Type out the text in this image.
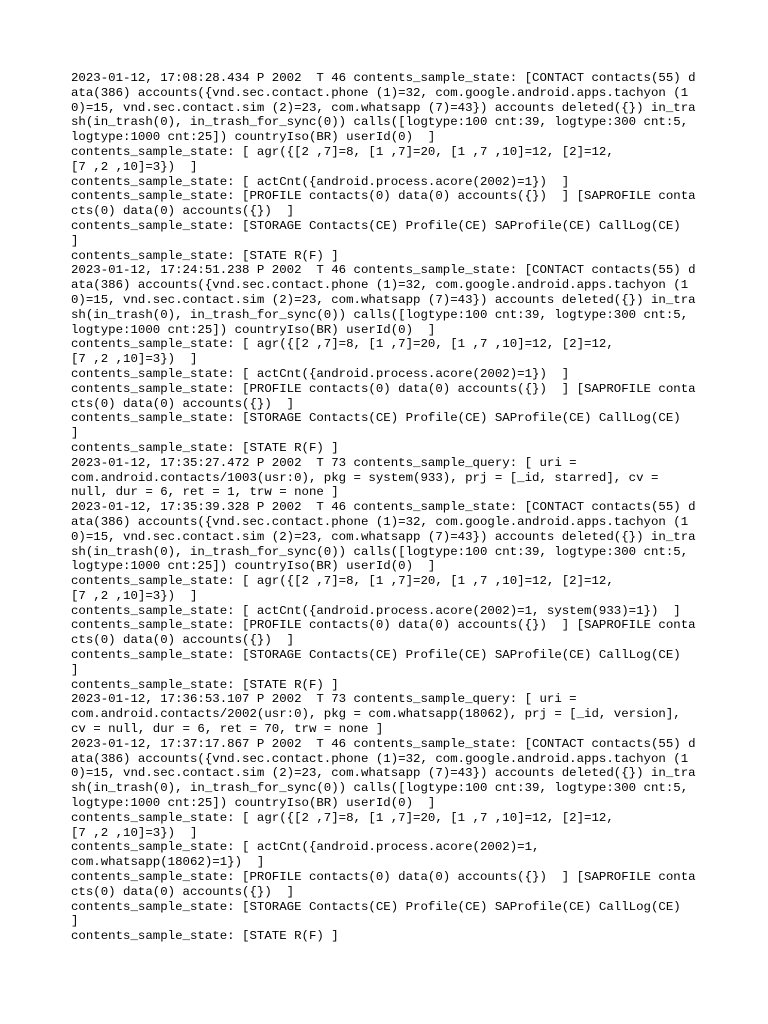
2023-01-12, 17:08:28.434 P 2002  T 46 contents_sample_state: [CONTACT contacts(55) data(386) accounts({vnd.sec.contact.phone (1)=32, com.google.android.apps.tachyon (10)=15, vnd.sec.contact.sim (2)=23, com.whatsapp (7)=43}) accounts deleted({}) in_trash(in_trash(0), in_trash_for_sync(0)) calls([logtype:100 cnt:39, logtype:300 cnt:5, logtype:1000 cnt:25]) countryIso(BR) userId(0)  ]

contents_sample_state: [ agr({[2 ,7]=8, [1 ,7]=20, [1 ,7 ,10]=12, [2]=12,
[7 ,2 ,10]=3})  ]

contents_sample_state: [ actCnt({android.process.acore(2002)=1})  ]

contents_sample_state: [PROFILE contacts(0) data(0) accounts({})  ] [SAPROFILE contacts(0) data(0) accounts({})  ]

contents_sample_state: [STORAGE Contacts(CE) Profile(CE) SAProfile(CE) CallLog(CE)
]

contents_sample_state: [STATE R(F) ]

2023-01-12, 17:24:51.238 P 2002  T 46 contents_sample_state: [CONTACT contacts(55) data(386) accounts({vnd.sec.contact.phone (1)=32, com.google.android.apps.tachyon (10)=15, vnd.sec.contact.sim (2)=23, com.whatsapp (7)=43}) accounts deleted({}) in_trash(in_trash(0), in_trash_for_sync(0)) calls([logtype:100 cnt:39, logtype:300 cnt:5, logtype:1000 cnt:25]) countryIso(BR) userId(0)  ]

contents_sample_state: [ agr({[2 ,7]=8, [1 ,7]=20, [1 ,7 ,10]=12, [2]=12,
[7 ,2 ,10]=3})  ]

contents_sample_state: [ actCnt({android.process.acore(2002)=1})  ]

contents_sample_state: [PROFILE contacts(0) data(0) accounts({})  ] [SAPROFILE contacts(0) data(0) accounts({})  ]

contents_sample_state: [STORAGE Contacts(CE) Profile(CE) SAProfile(CE) CallLog(CE)
]

contents_sample_state: [STATE R(F) ]

2023-01-12, 17:35:27.472 P 2002  T 73 contents_sample_query: [ uri =
com.android.contacts/1003(usr:0), pkg = system(933), prj = [_id, starred], cv =
null, dur = 6, ret = 1, trw = none ]

2023-01-12, 17:35:39.328 P 2002  T 46 contents_sample_state: [CONTACT contacts(55) data(386) accounts({vnd.sec.contact.phone (1)=32, com.google.android.apps.tachyon (10)=15, vnd.sec.contact.sim (2)=23, com.whatsapp (7)=43}) accounts deleted({}) in_trash(in_trash(0), in_trash_for_sync(0)) calls([logtype:100 cnt:39, logtype:300 cnt:5, logtype:1000 cnt:25]) countryIso(BR) userId(0)  ]

contents_sample_state: [ agr({[2 ,7]=8, [1 ,7]=20, [1 ,7 ,10]=12, [2]=12,
[7 ,2 ,10]=3})  ]

contents_sample_state: [ actCnt({android.process.acore(2002)=1, system(933)=1})  ]

contents_sample_state: [PROFILE contacts(0) data(0) accounts({})  ] [SAPROFILE contacts(0) data(0) accounts({})  ]

contents_sample_state: [STORAGE Contacts(CE) Profile(CE) SAProfile(CE) CallLog(CE)
]

contents_sample_state: [STATE R(F) ]

2023-01-12, 17:36:53.107 P 2002  T 73 contents_sample_query: [ uri =
com.android.contacts/2002(usr:0), pkg = com.whatsapp(18062), prj = [_id, version],
cv = null, dur = 6, ret = 70, trw = none ]

2023-01-12, 17:37:17.867 P 2002  T 46 contents_sample_state: [CONTACT contacts(55) data(386) accounts({vnd.sec.contact.phone (1)=32, com.google.android.apps.tachyon (10)=15, vnd.sec.contact.sim (2)=23, com.whatsapp (7)=43}) accounts deleted({}) in_trash(in_trash(0), in_trash_for_sync(0)) calls([logtype:100 cnt:39, logtype:300 cnt:5, logtype:1000 cnt:25]) countryIso(BR) userId(0)  ]

contents_sample_state: [ agr({[2 ,7]=8, [1 ,7]=20, [1 ,7 ,10]=12, [2]=12,
[7 ,2 ,10]=3})  ]

contents_sample_state: [ actCnt({android.process.acore(2002)=1,
com.whatsapp(18062)=1})  ]

contents_sample_state: [PROFILE contacts(0) data(0) accounts({})  ] [SAPROFILE contacts(0) data(0) accounts({})  ]

contents_sample_state: [STORAGE Contacts(CE) Profile(CE) SAProfile(CE) CallLog(CE)
]

contents_sample_state: [STATE R(F) ]
